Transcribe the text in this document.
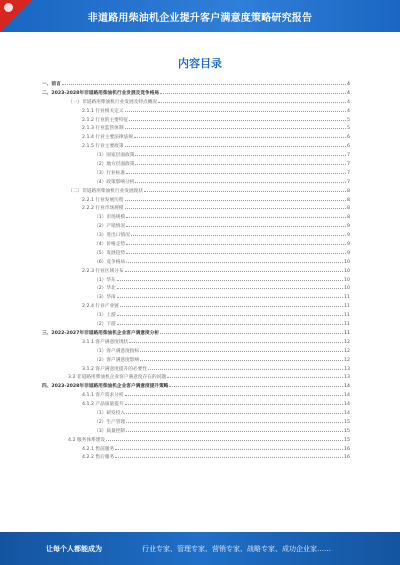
非道路用柴油机企业提升客户满意度策略研究报告
内容目录
一、前言	4
二、2023-2028年非道路用柴油机行业发展及竞争格局	4
（一）非道路用柴油机行业发展及特点概况	4
2.1.1 行业相关定义	4
2.1.2 行业的主要特征	5
2.1.3 行业监管体制	5
2.1.4 行业主要法律法规	6
2.1.5 行业主要政策	6
（1）国家层面政策	7
（2）地方层面政策	7
（3）行业标准	7
（4）政策影响分析	7
（二）非道路用柴油机行业发展现状	8
2.2.1 行业发展历程	8
2.2.2 行业市场规模	8
（1）市场规模	8
（2）产销情况	9
（3）进出口情况	9
（4）价格走势	9
（5）发展趋势	9
（6）竞争格局	10
2.2.3 行业区域分布	10
（1）华东	10
（2）华北	10
（3）华南	11
2.2.4 行业产业链	11
（1）上游	11
（2）下游	11
三、2022-2027年非道路用柴油机企业客户满意度分析	11
3.1.1 客户满意度现状	12
（1）客户满意度指标	12
（2）客户满意度影响	12
3.1.2 客户满意度提升的必要性	13
3.2 非道路用柴油机企业客户满意度存在的问题	13
四、2023-2028年非道路用柴油机企业客户满意度提升策略	14
4.1.1 客户需求分析	14
4.1.2 产品质量提升	14
（1）研发投入	14
（2）生产管理	15
（3）质量控制	15
4.2 服务体系建设	15
4.2.1 售前服务	16
4.2.2 售后服务	16
让每个人都能成为	行业专家、管理专家、营销专家、战略专家、成功企业家……
